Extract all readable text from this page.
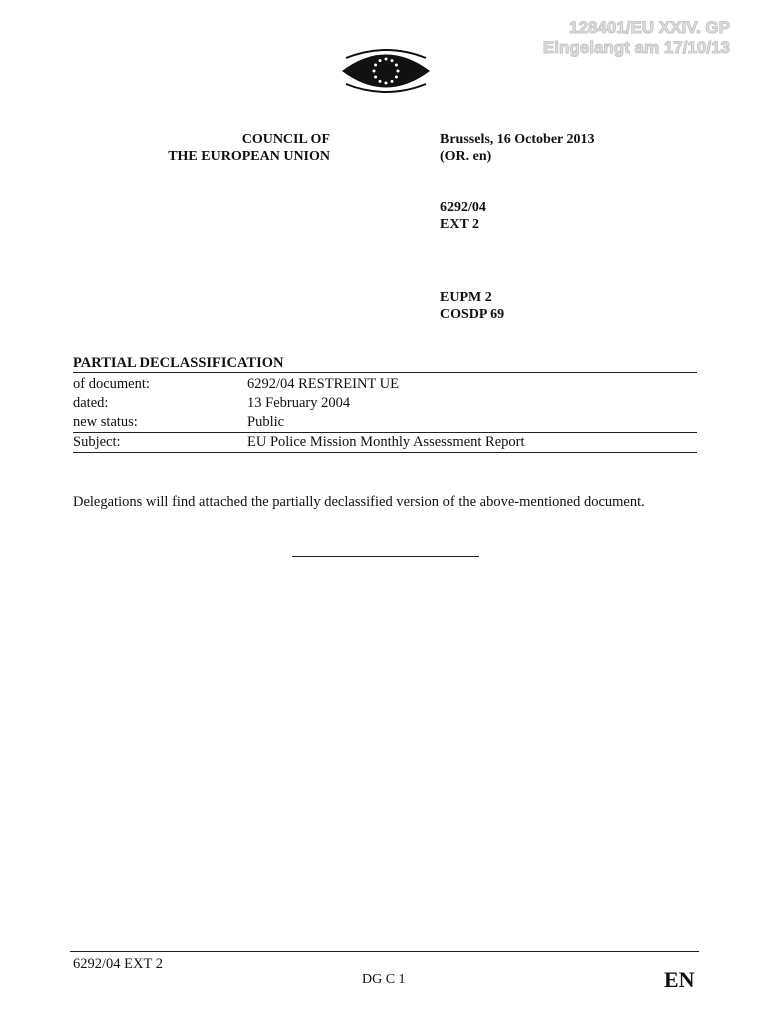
128401/EU XXIV. GP
Eingelangt am 17/10/13
COUNCIL OF
THE EUROPEAN UNION
Brussels, 16 October 2013
(OR. en)
6292/04
EXT 2
EUPM 2
COSDP 69
PARTIAL DECLASSIFICATION
of document:	6292/04 RESTREINT UE
dated:	13 February 2004
new status:	Public
Subject:	EU Police Mission Monthly Assessment Report
Delegations will find attached the partially declassified version of the above-mentioned document.
6292/04 EXT 2
DG C 1	EN
